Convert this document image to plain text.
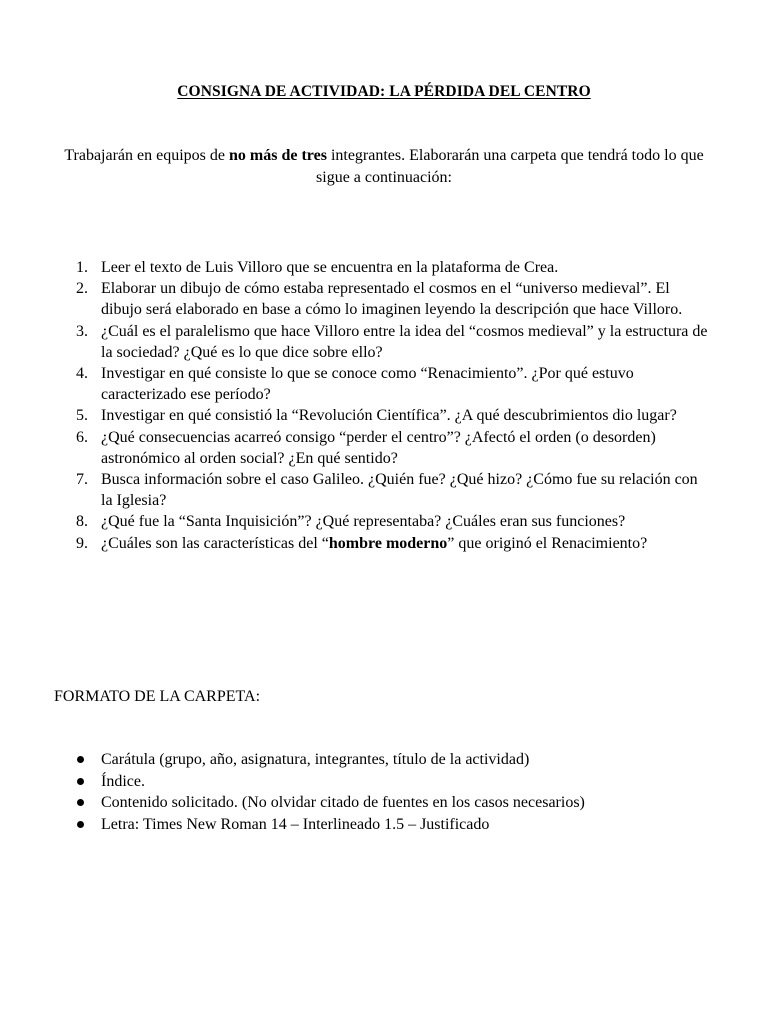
CONSIGNA DE ACTIVIDAD: LA PÉRDIDA DEL CENTRO

Trabajarán en equipos de no más de tres integrantes. Elaborarán una carpeta que tendrá todo lo que sigue a continuación:

1. Leer el texto de Luis Villoro que se encuentra en la plataforma de Crea.
2. Elaborar un dibujo de cómo estaba representado el cosmos en el “universo medieval”. El dibujo será elaborado en base a cómo lo imaginen leyendo la descripción que hace Villoro.
3. ¿Cuál es el paralelismo que hace Villoro entre la idea del “cosmos medieval” y la estructura de la sociedad? ¿Qué es lo que dice sobre ello?
4. Investigar en qué consiste lo que se conoce como “Renacimiento”. ¿Por qué estuvo caracterizado ese período?
5. Investigar en qué consistió la “Revolución Científica”. ¿A qué descubrimientos dio lugar?
6. ¿Qué consecuencias acarreó consigo “perder el centro”? ¿Afectó el orden (o desorden) astronómico al orden social? ¿En qué sentido?
7. Busca información sobre el caso Galileo. ¿Quién fue? ¿Qué hizo? ¿Cómo fue su relación con la Iglesia?
8. ¿Qué fue la “Santa Inquisición”? ¿Qué representaba? ¿Cuáles eran sus funciones?
9. ¿Cuáles son las características del “hombre moderno” que originó el Renacimiento?
FORMATO DE LA CARPETA:
Carátula (grupo, año, asignatura, integrantes, título de la actividad)
Índice.
Contenido solicitado. (No olvidar citado de fuentes en los casos necesarios)
Letra: Times New Roman 14 – Interlineado 1.5 – Justificado
